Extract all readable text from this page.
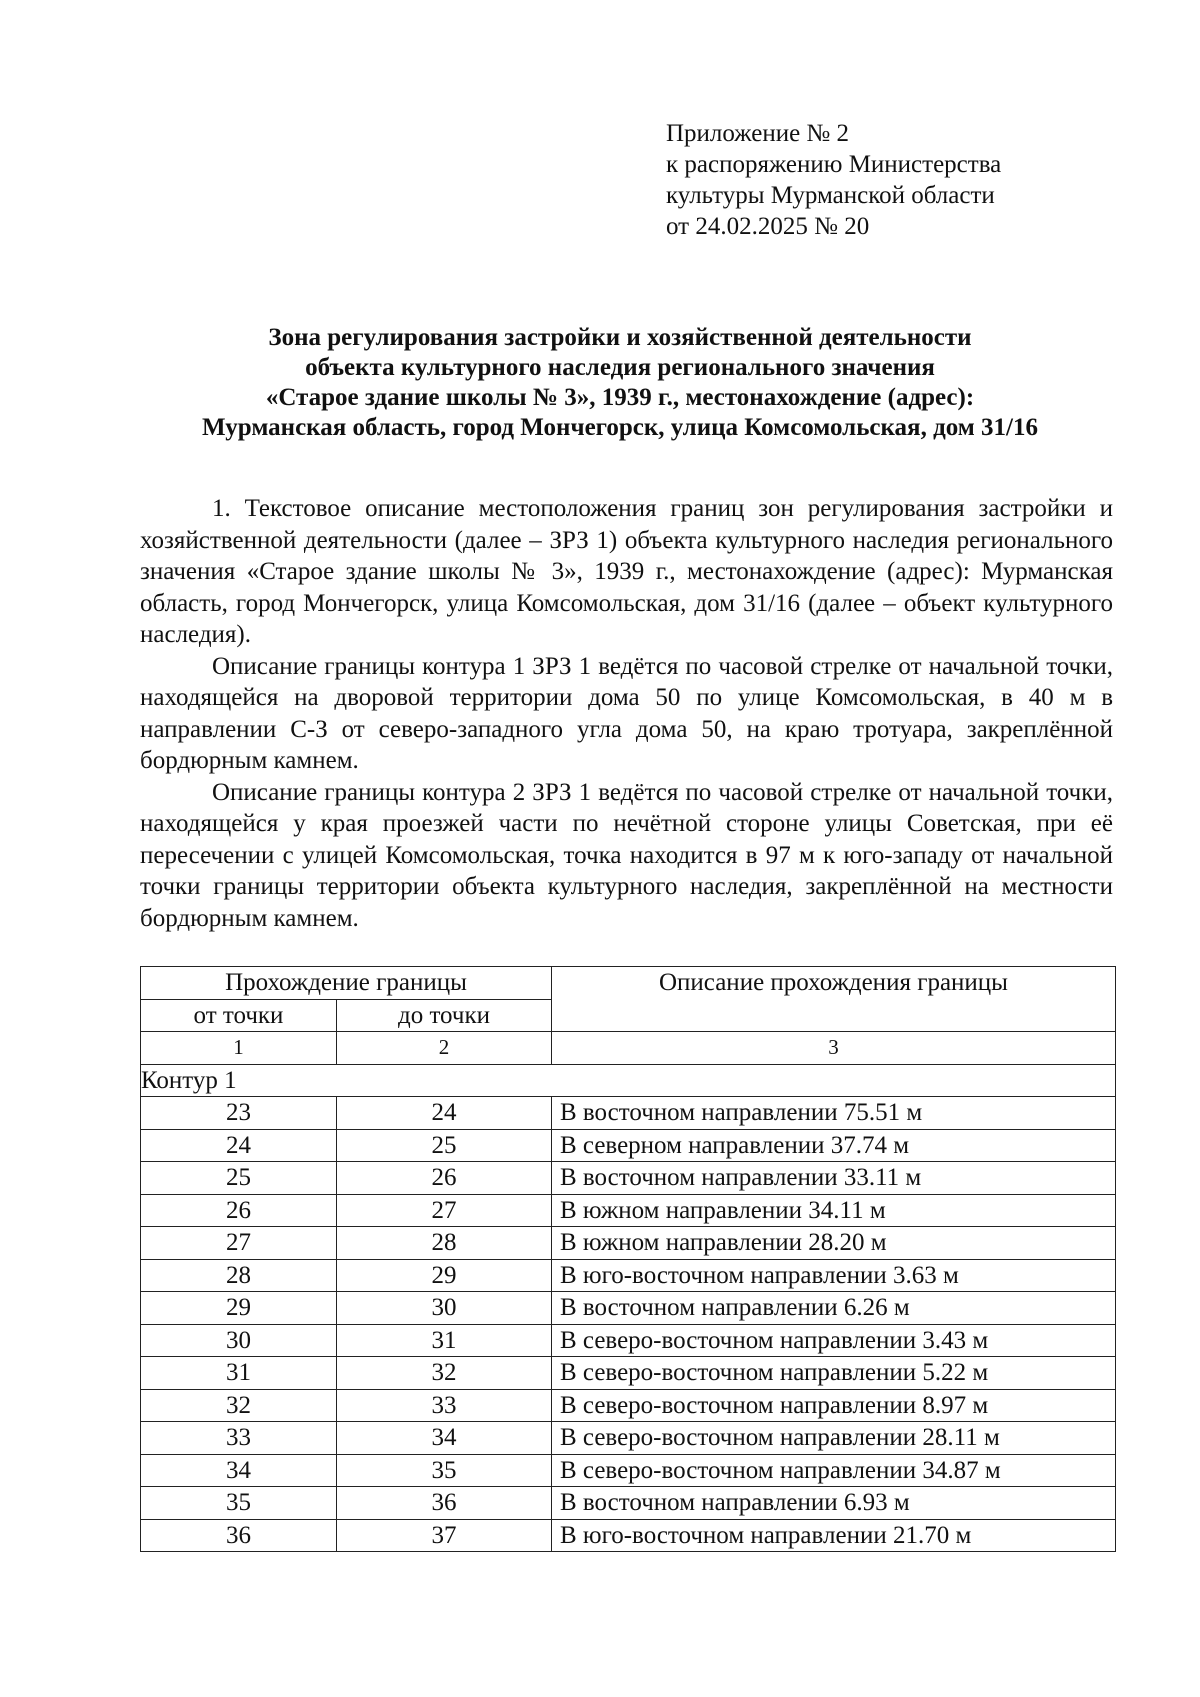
Приложение № 2
к распоряжению Министерства
культуры Мурманской области
от 24.02.2025 № 20
Зона регулирования застройки и хозяйственной деятельности
объекта культурного наследия регионального значения
«Старое здание школы № 3», 1939 г., местонахождение (адрес):
Мурманская область, город Мончегорск, улица Комсомольская, дом 31/16

1. Текстовое описание местоположения границ зон регулирования застройки и хозяйственной деятельности (далее – ЗРЗ 1) объекта культурного наследия регионального значения «Старое здание школы № 3», 1939 г., местонахождение (адрес): Мурманская область, город Мончегорск, улица Комсомольская, дом 31/16 (далее – объект культурного наследия).

Описание границы контура 1 ЗРЗ 1 ведётся по часовой стрелке от начальной точки, находящейся на дворовой территории дома 50 по улице Комсомольская, в 40 м в направлении С-З от северо-западного угла дома 50, на краю тротуара, закреплённой бордюрным камнем.

Описание границы контура 2 ЗРЗ 1 ведётся по часовой стрелке от начальной точки, находящейся у края проезжей части по нечётной стороне улицы Советская, при её пересечении с улицей Комсомольская, точка находится в 97 м к юго-западу от начальной точки границы территории объекта культурного наследия, закреплённой на местности бордюрным камнем.

Прохождение границы		Описание прохождения границы
от точки	до точки	
1	2	3
Контур 1		
23	24	В восточном направлении 75.51 м
24	25	В северном направлении 37.74 м
25	26	В восточном направлении 33.11 м
26	27	В южном направлении 34.11 м
27	28	В южном направлении 28.20 м
28	29	В юго-восточном направлении 3.63 м
29	30	В восточном направлении 6.26 м
30	31	В северо-восточном направлении 3.43 м
31	32	В северо-восточном направлении 5.22 м
32	33	В северо-восточном направлении 8.97 м
33	34	В северо-восточном направлении 28.11 м
34	35	В северо-восточном направлении 34.87 м
35	36	В восточном направлении 6.93 м
36	37	В юго-восточном направлении 21.70 м
